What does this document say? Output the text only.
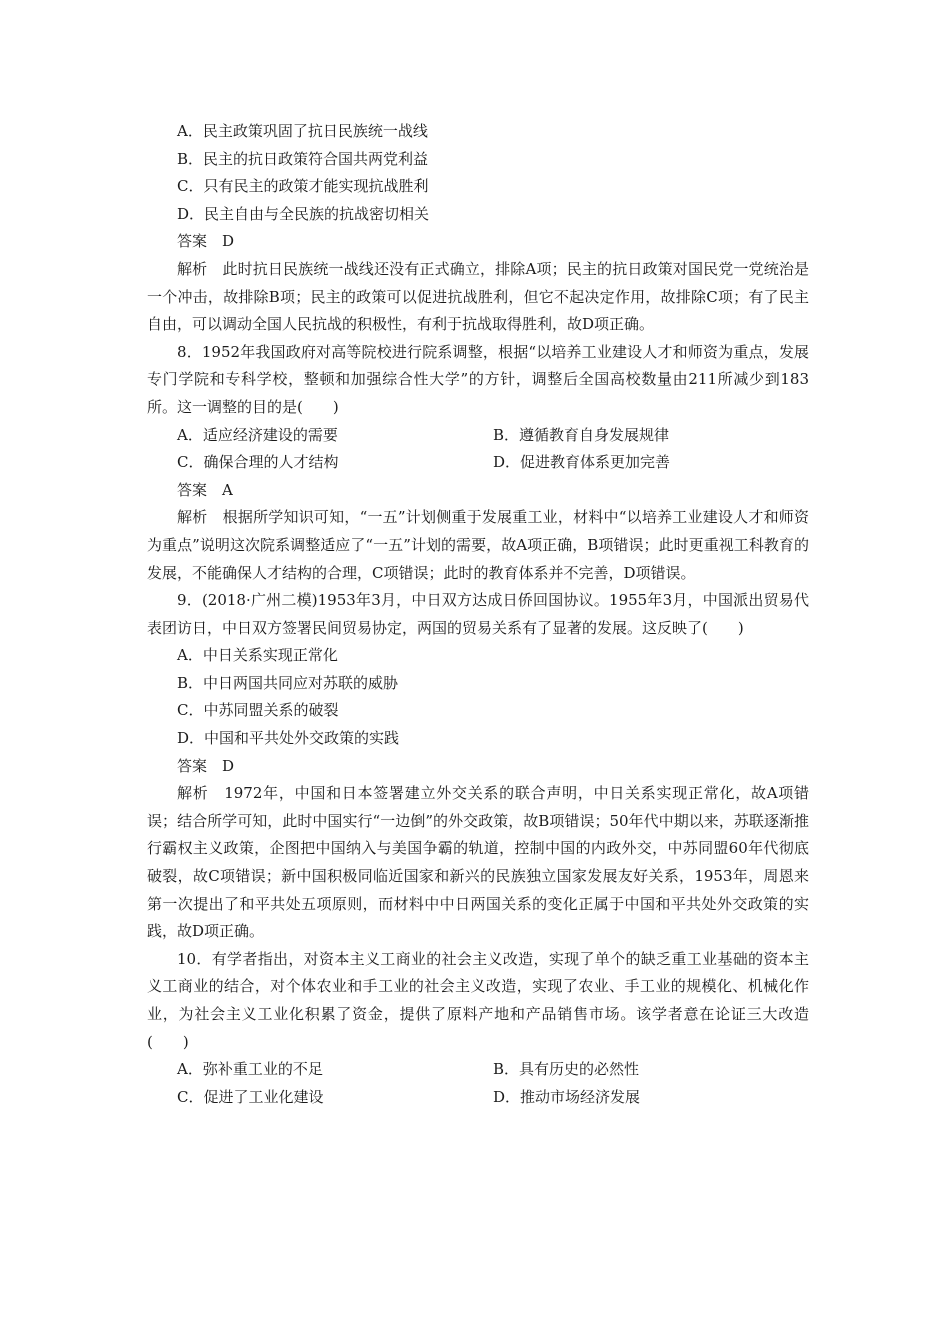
A．民主政策巩固了抗日民族统一战线
B．民主的抗日政策符合国共两党利益
C．只有民主的政策才能实现抗战胜利
D．民主自由与全民族的抗战密切相关
答案　D
解析　此时抗日民族统一战线还没有正式确立，排除A项；民主的抗日政策对国民党一党统治是一个冲击，故排除B项；民主的政策可以促进抗战胜利，但它不起决定作用，故排除C项；有了民主自由，可以调动全国人民抗战的积极性，有利于抗战取得胜利，故D项正确。
8．1952年我国政府对高等院校进行院系调整，根据“以培养工业建设人才和师资为重点，发展专门学院和专科学校，整顿和加强综合性大学”的方针，调整后全国高校数量由211所减少到183所。这一调整的目的是(　　)
A．适应经济建设的需要	B．遵循教育自身发展规律
C．确保合理的人才结构	D．促进教育体系更加完善
答案　A
解析　根据所学知识可知，“一五”计划侧重于发展重工业，材料中“以培养工业建设人才和师资为重点”说明这次院系调整适应了“一五”计划的需要，故A项正确，B项错误；此时更重视工科教育的发展，不能确保人才结构的合理，C项错误；此时的教育体系并不完善，D项错误。
9．(2018·广州二模)1953年3月，中日双方达成日侨回国协议。1955年3月，中国派出贸易代表团访日，中日双方签署民间贸易协定，两国的贸易关系有了显著的发展。这反映了(　　)
A．中日关系实现正常化
B．中日两国共同应对苏联的威胁
C．中苏同盟关系的破裂
D．中国和平共处外交政策的实践
答案　D
解析　1972年，中国和日本签署建立外交关系的联合声明，中日关系实现正常化，故A项错误；结合所学可知，此时中国实行“一边倒”的外交政策，故B项错误；50年代中期以来，苏联逐渐推行霸权主义政策，企图把中国纳入与美国争霸的轨道，控制中国的内政外交，中苏同盟60年代彻底破裂，故C项错误；新中国积极同临近国家和新兴的民族独立国家发展友好关系，1953年，周恩来第一次提出了和平共处五项原则，而材料中中日两国关系的变化正属于中国和平共处外交政策的实践，故D项正确。
10．有学者指出，对资本主义工商业的社会主义改造，实现了单个的缺乏重工业基础的资本主义工商业的结合，对个体农业和手工业的社会主义改造，实现了农业、手工业的规模化、机械化作业，为社会主义工业化积累了资金，提供了原料产地和产品销售市场。该学者意在论证三大改造(　　)
A．弥补重工业的不足	B．具有历史的必然性
C．促进了工业化建设	D．推动市场经济发展
